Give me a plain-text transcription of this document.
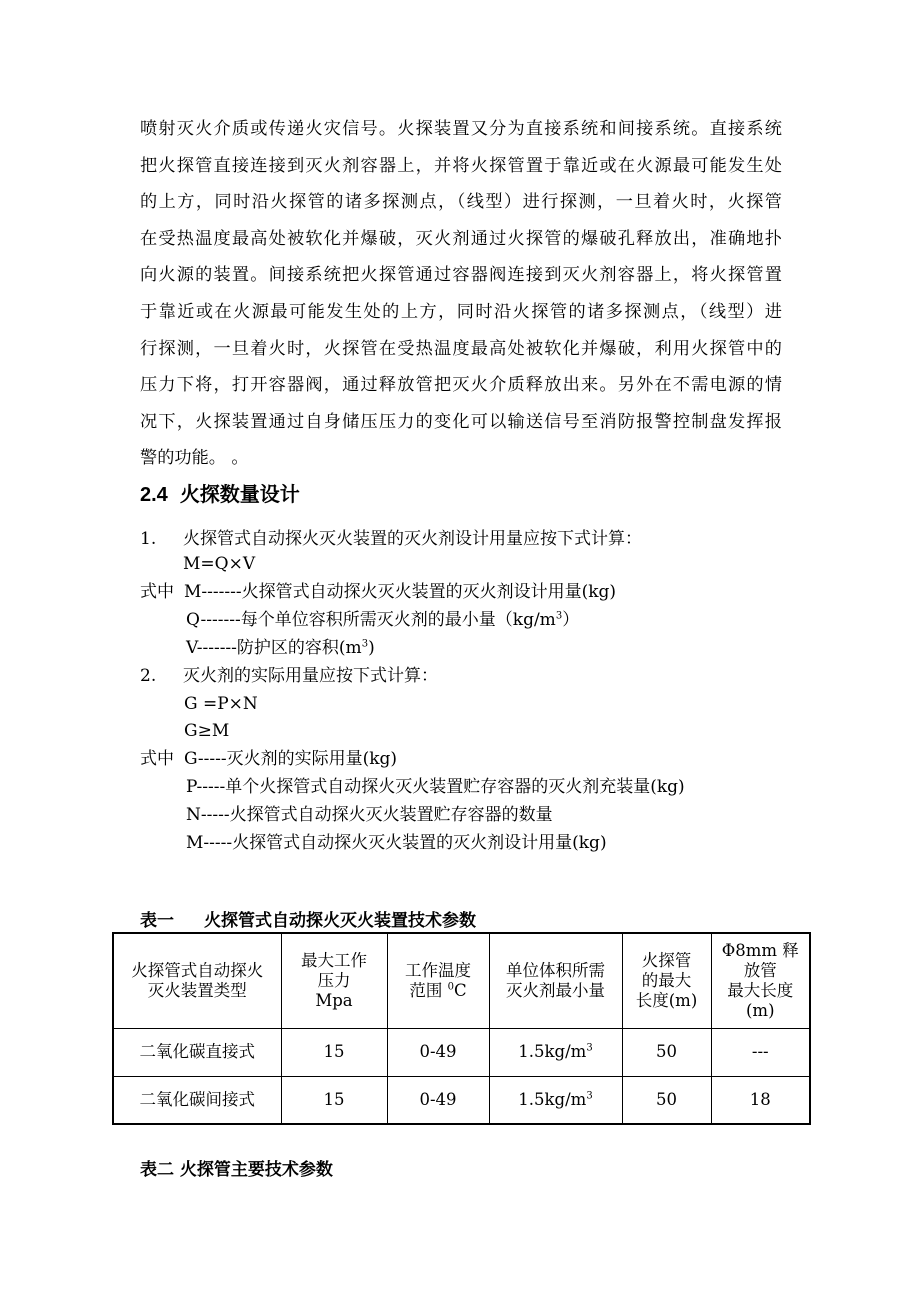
喷射灭火介质或传递火灾信号。火探装置又分为直接系统和间接系统。直接系统
把火探管直接连接到灭火剂容器上，并将火探管置于靠近或在火源最可能发生处
的上方，同时沿火探管的诸多探测点，（线型）进行探测，一旦着火时，火探管
在受热温度最高处被软化并爆破，灭火剂通过火探管的爆破孔释放出，准确地扑
向火源的装置。间接系统把火探管通过容器阀连接到灭火剂容器上，将火探管置
于靠近或在火源最可能发生处的上方，同时沿火探管的诸多探测点，（线型）进
行探测，一旦着火时，火探管在受热温度最高处被软化并爆破，利用火探管中的
压力下将，打开容器阀，通过释放管把灭火介质释放出来。另外在不需电源的情
况下，火探装置通过自身储压压力的变化可以输送信号至消防报警控制盘发挥报
警的功能。 。
2.4 火探数量设计
1. 火探管式自动探火灭火装置的灭火剂设计用量应按下式计算：
M=Q×V
式中 M-------火探管式自动探火灭火装置的灭火剂设计用量(kg)
Q-------每个单位容积所需灭火剂的最小量$(kg/m^3)$
V-------防护区的容积$(m^3)$
2. 灭火剂的实际用量应按下式计算：
G =P×N
G≥M
式中 G-----灭火剂的实际用量(kg)
P-----单个火探管式自动探火灭火装置贮存容器的灭火剂充装量(kg)
N-----火探管式自动探火灭火装置贮存容器的数量
M-----火探管式自动探火灭火装置的灭火剂设计用量(kg)
表一 火探管式自动探火灭火装置技术参数
火探管式自动探火
灭火装置类型	最大工作
压力
Mpa	工作温度
范围 $^0$C	单位体积所需
灭火剂最小量	火探管
的最大
长度(m)	Φ8mm 释
放管
最大长度
(m)

二氧化碳直接式	15	0-49	$1.5kg/m^3$	50	---
二氧化碳间接式	15	0-49	$1.5kg/m^3$	50	18
表二 火探管主要技术参数
